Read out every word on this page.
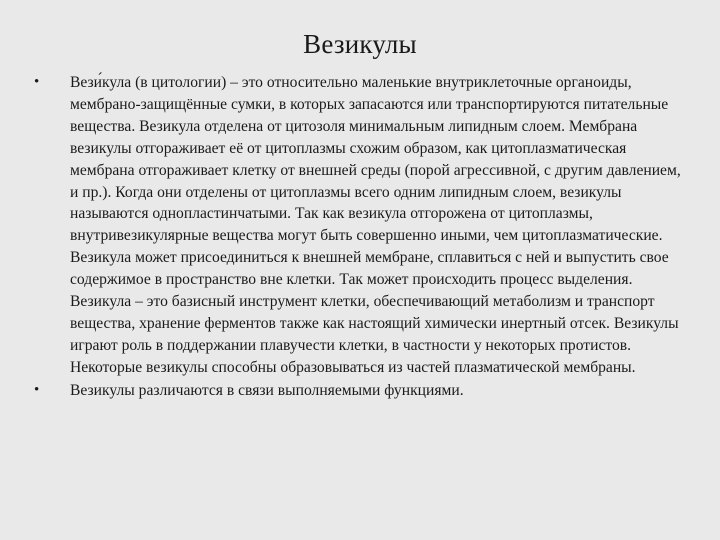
Везикулы
•	Вези́кула (в цитологии) – это относительно маленькие внутриклеточные органоиды, мембрано-защищённые сумки, в которых запасаются или транспортируются питательные вещества. Везикула отделена от цитозоля минимальным липидным слоем. Мембрана везикулы отгораживает её от цитоплазмы схожим образом, как цитоплазматическая мембрана отгораживает клетку от внешней среды (порой агрессивной, с другим давлением, и пр.). Когда они отделены от цитоплазмы всего одним липидным слоем, везикулы называются однопластинчатыми. Так как везикула отгорожена от цитоплазмы, внутривезикулярные вещества могут быть совершенно иными, чем цитоплазматические. Везикула может присоединиться к внешней мембране, сплавиться с ней и выпустить свое содержимое в пространство вне клетки. Так может происходить процесс выделения. Везикула – это базисный инструмент клетки, обеспечивающий метаболизм и транспорт вещества, хранение ферментов также как настоящий химически инертный отсек. Везикулы играют роль в поддержании плавучести клетки, в частности у некоторых протистов. Некоторые везикулы способны образовываться из частей плазматической мембраны.
•	Везикулы различаются в связи выполняемыми функциями.
